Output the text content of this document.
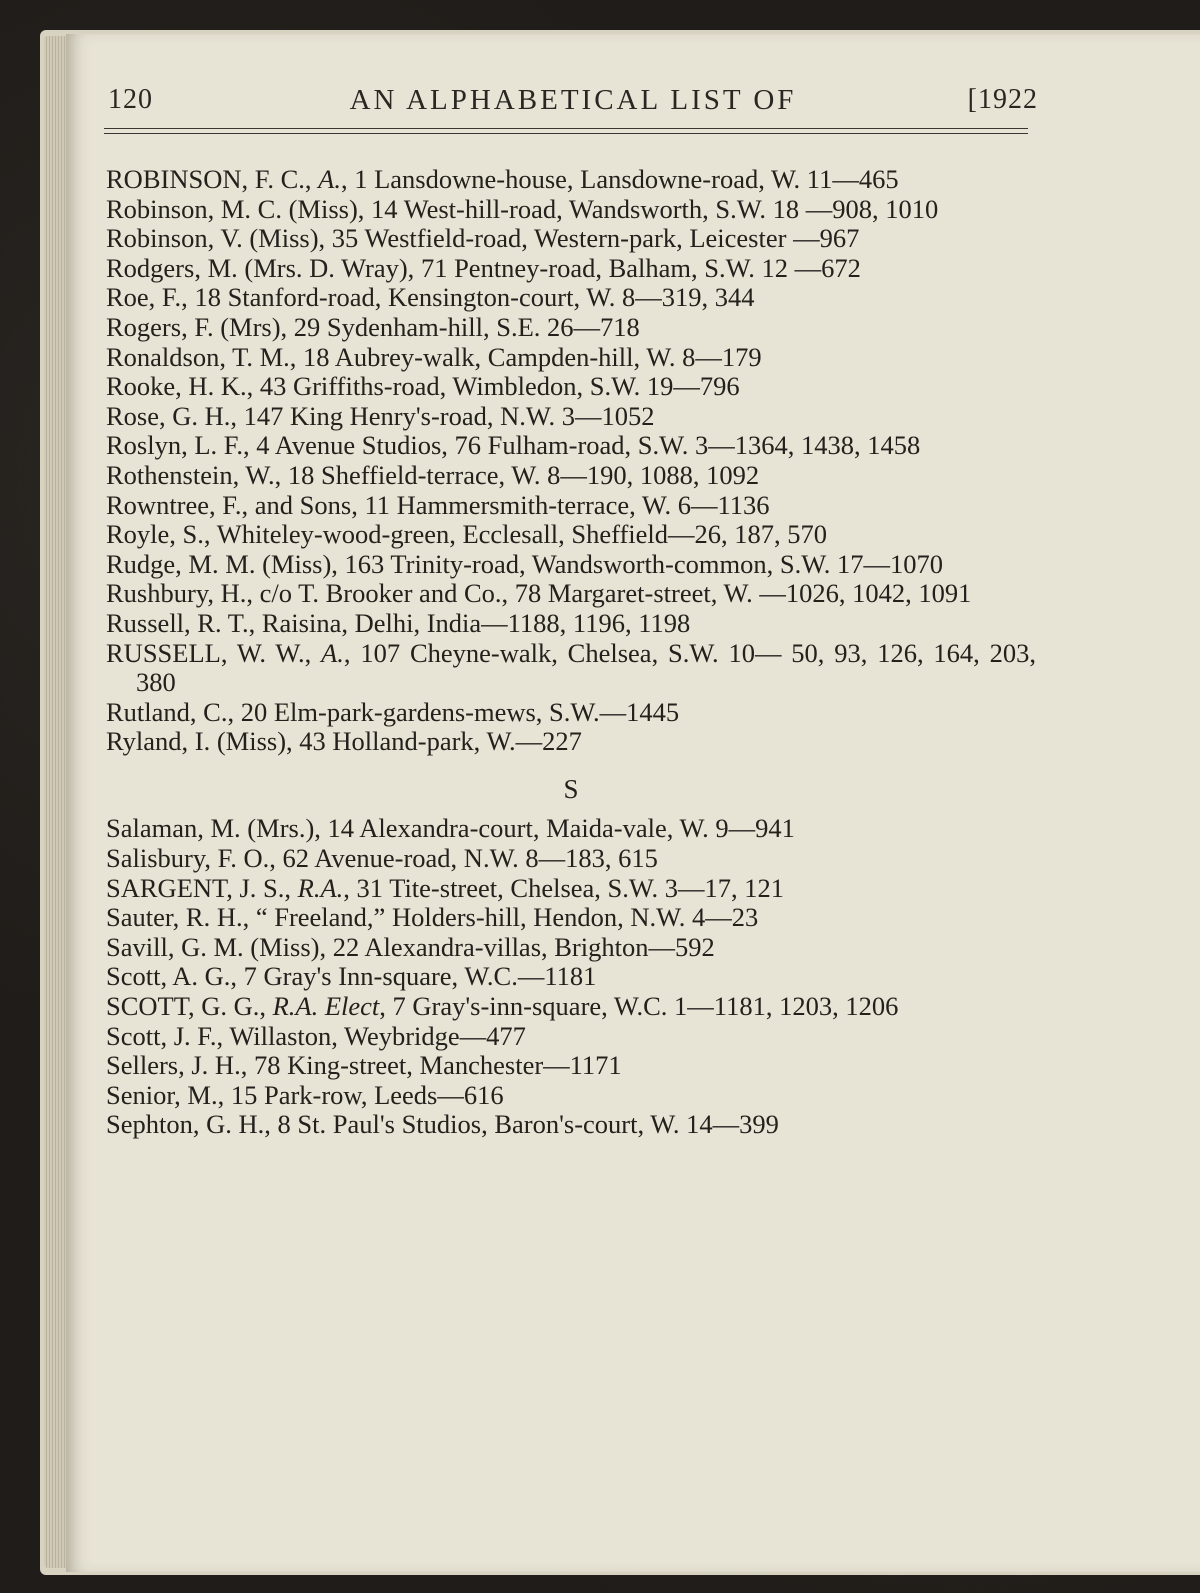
120	AN ALPHABETICAL LIST OF	[1922

ROBINSON, F. C., A., 1 Lansdowne-house, Lansdowne-road, W. 11—465

Robinson, M. C. (Miss), 14 West-hill-road, Wandsworth, S.W. 18 —908, 1010

Robinson, V. (Miss), 35 Westfield-road, Western-park, Leicester —967

Rodgers, M. (Mrs. D. Wray), 71 Pentney-road, Balham, S.W. 12 —672

Roe, F., 18 Stanford-road, Kensington-court, W. 8—319, 344

Rogers, F. (Mrs), 29 Sydenham-hill, S.E. 26—718

Ronaldson, T. M., 18 Aubrey-walk, Campden-hill, W. 8—179

Rooke, H. K., 43 Griffiths-road, Wimbledon, S.W. 19—796

Rose, G. H., 147 King Henry's-road, N.W. 3—1052

Roslyn, L. F., 4 Avenue Studios, 76 Fulham-road, S.W. 3—1364, 1438, 1458

Rothenstein, W., 18 Sheffield-terrace, W. 8—190, 1088, 1092

Rowntree, F., and Sons, 11 Hammersmith-terrace, W. 6—1136

Royle, S., Whiteley-wood-green, Ecclesall, Sheffield—26, 187, 570

Rudge, M. M. (Miss), 163 Trinity-road, Wandsworth-common, S.W. 17—1070

Rushbury, H., c/o T. Brooker and Co., 78 Margaret-street, W. —1026, 1042, 1091

Russell, R. T., Raisina, Delhi, India—1188, 1196, 1198

RUSSELL, W. W., A., 107 Cheyne-walk, Chelsea, S.W. 10— 50, 93, 126, 164, 203, 380

Rutland, C., 20 Elm-park-gardens-mews, S.W.—1445

Ryland, I. (Miss), 43 Holland-park, W.—227

S

Salaman, M. (Mrs.), 14 Alexandra-court, Maida-vale, W. 9—941

Salisbury, F. O., 62 Avenue-road, N.W. 8—183, 615

SARGENT, J. S., R.A., 31 Tite-street, Chelsea, S.W. 3—17, 121

Sauter, R. H., “ Freeland,” Holders-hill, Hendon, N.W. 4—23

Savill, G. M. (Miss), 22 Alexandra-villas, Brighton—592

Scott, A. G., 7 Gray's Inn-square, W.C.—1181

SCOTT, G. G., R.A. Elect, 7 Gray's-inn-square, W.C. 1—1181, 1203, 1206

Scott, J. F., Willaston, Weybridge—477

Sellers, J. H., 78 King-street, Manchester—1171

Senior, M., 15 Park-row, Leeds—616

Sephton, G. H., 8 St. Paul's Studios, Baron's-court, W. 14—399
